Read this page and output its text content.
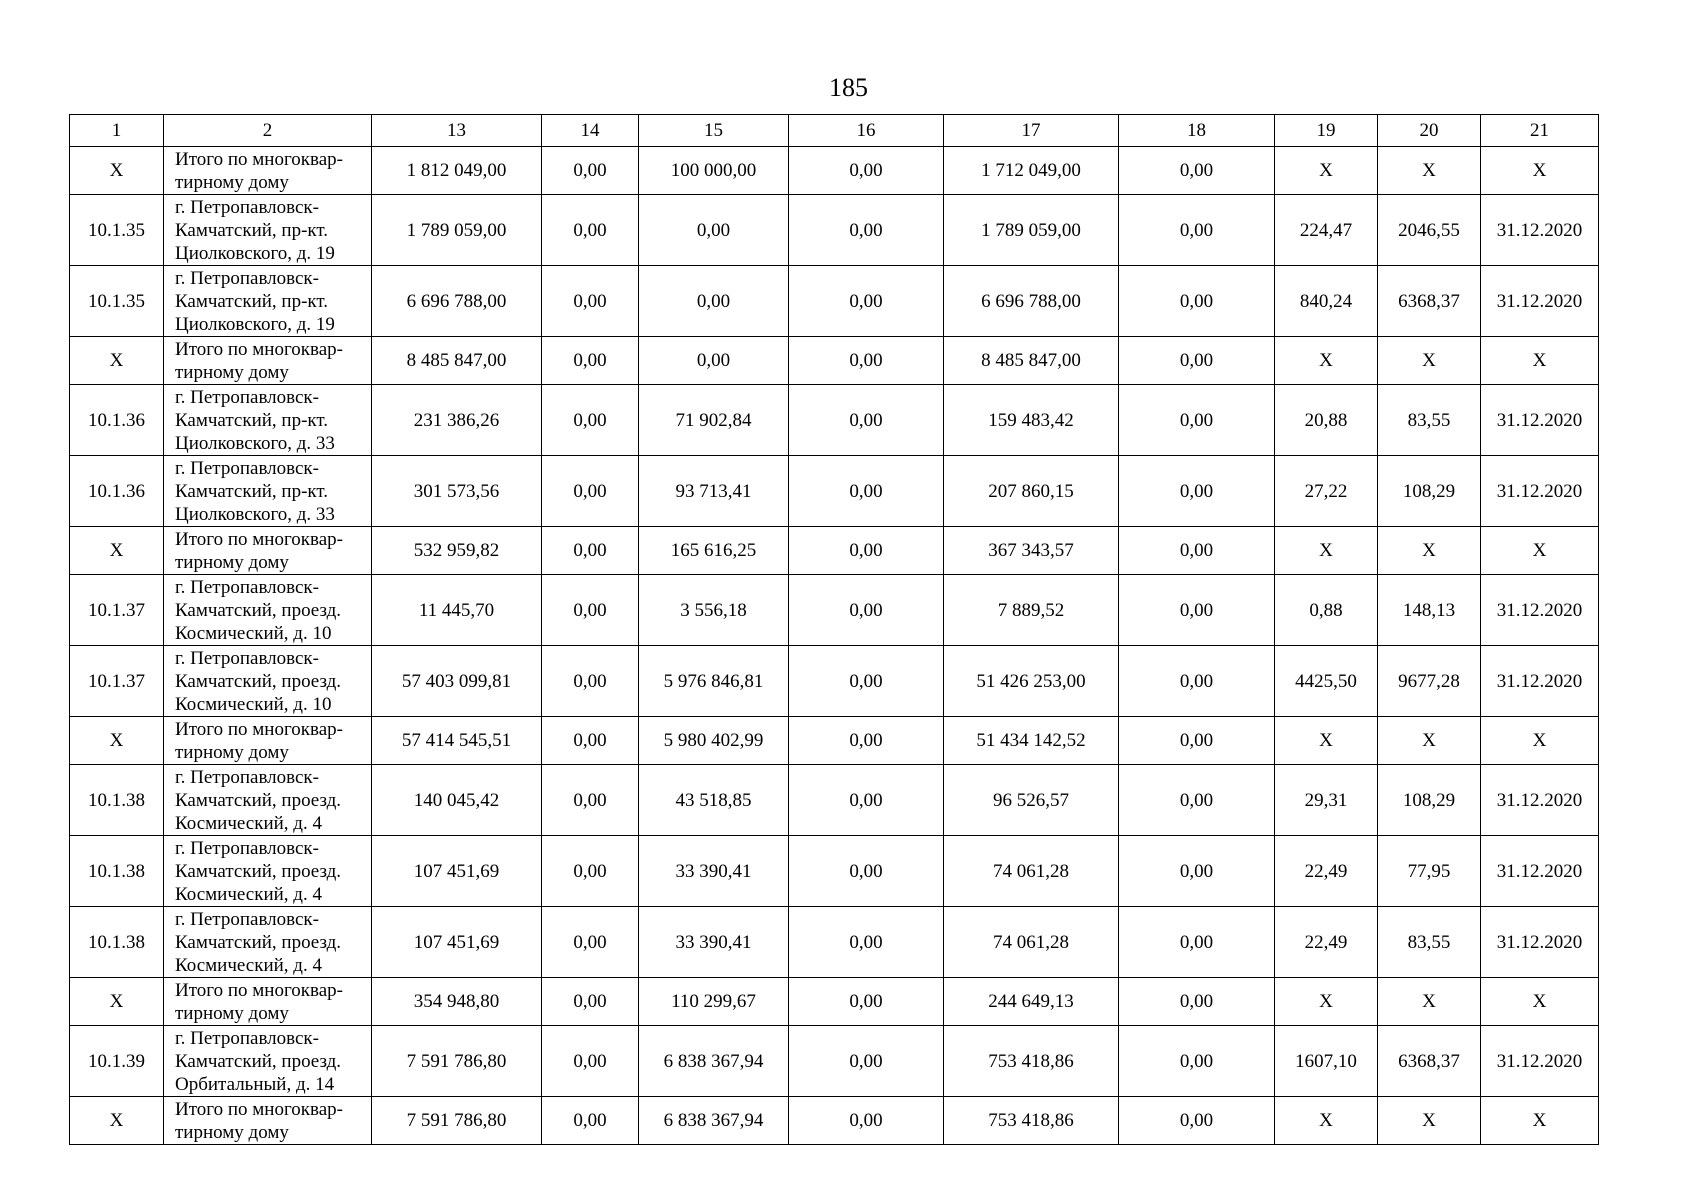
185
1	2	13	14	15	16	17	18	19	20	21
X	Итого по многоквар-
тирному дому	1 812 049,00	0,00	100 000,00	0,00	1 712 049,00	0,00	X	X	X
10.1.35	г. Петропавловск-
Камчатский, пр-кт.
Циолковского, д. 19	1 789 059,00	0,00	0,00	0,00	1 789 059,00	0,00	224,47	2046,55	31.12.2020
10.1.35	г. Петропавловск-
Камчатский, пр-кт.
Циолковского, д. 19	6 696 788,00	0,00	0,00	0,00	6 696 788,00	0,00	840,24	6368,37	31.12.2020
X	Итого по многоквар-
тирному дому	8 485 847,00	0,00	0,00	0,00	8 485 847,00	0,00	X	X	X
10.1.36	г. Петропавловск-
Камчатский, пр-кт.
Циолковского, д. 33	231 386,26	0,00	71 902,84	0,00	159 483,42	0,00	20,88	83,55	31.12.2020
10.1.36	г. Петропавловск-
Камчатский, пр-кт.
Циолковского, д. 33	301 573,56	0,00	93 713,41	0,00	207 860,15	0,00	27,22	108,29	31.12.2020
X	Итого по многоквар-
тирному дому	532 959,82	0,00	165 616,25	0,00	367 343,57	0,00	X	X	X
10.1.37	г. Петропавловск-
Камчатский, проезд.
Космический, д. 10	11 445,70	0,00	3 556,18	0,00	7 889,52	0,00	0,88	148,13	31.12.2020
10.1.37	г. Петропавловск-
Камчатский, проезд.
Космический, д. 10	57 403 099,81	0,00	5 976 846,81	0,00	51 426 253,00	0,00	4425,50	9677,28	31.12.2020
X	Итого по многоквар-
тирному дому	57 414 545,51	0,00	5 980 402,99	0,00	51 434 142,52	0,00	X	X	X
10.1.38	г. Петропавловск-
Камчатский, проезд.
Космический, д. 4	140 045,42	0,00	43 518,85	0,00	96 526,57	0,00	29,31	108,29	31.12.2020
10.1.38	г. Петропавловск-
Камчатский, проезд.
Космический, д. 4	107 451,69	0,00	33 390,41	0,00	74 061,28	0,00	22,49	77,95	31.12.2020
10.1.38	г. Петропавловск-
Камчатский, проезд.
Космический, д. 4	107 451,69	0,00	33 390,41	0,00	74 061,28	0,00	22,49	83,55	31.12.2020
X	Итого по многоквар-
тирному дому	354 948,80	0,00	110 299,67	0,00	244 649,13	0,00	X	X	X
10.1.39	г. Петропавловск-
Камчатский, проезд.
Орбитальный, д. 14	7 591 786,80	0,00	6 838 367,94	0,00	753 418,86	0,00	1607,10	6368,37	31.12.2020
X	Итого по многоквар-
тирному дому	7 591 786,80	0,00	6 838 367,94	0,00	753 418,86	0,00	X	X	X
